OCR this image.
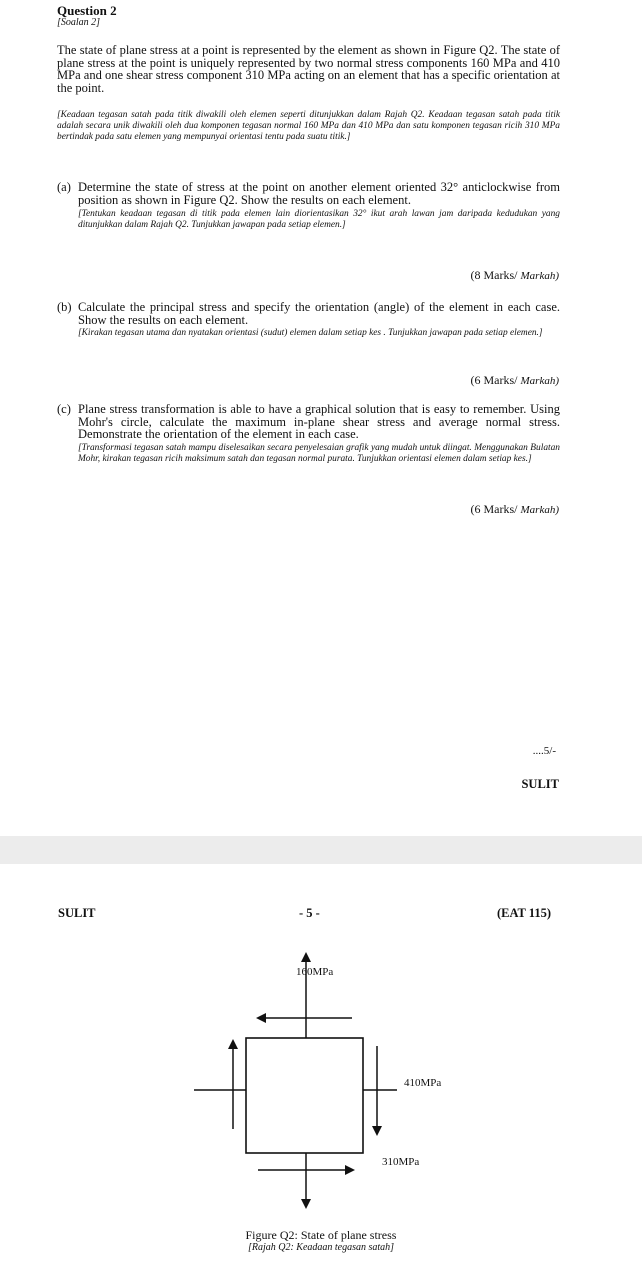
Question 2
[Soalan 2]
The state of plane stress at a point is represented by the element as shown in Figure Q2. The state of plane stress at the point is uniquely represented by two normal stress components 160 MPa and 410 MPa and one shear stress component 310 MPa acting on an element that has a specific orientation at the point.
[Keadaan tegasan satah pada titik diwakili oleh elemen seperti ditunjukkan dalam Rajah Q2. Keadaan tegasan satah pada titik adalah secara unik diwakili oleh dua komponen tegasan normal 160 MPa dan 410 MPa dan satu komponen tegasan ricih 310 MPa bertindak pada satu elemen yang mempunyai orientasi tentu pada suatu titik.]
(a) Determine the state of stress at the point on another element oriented 32° anticlockwise from position as shown in Figure Q2. Show the results on each element.
[Tentukan keadaan tegasan di titik pada elemen lain diorientasikan 32° ikut arah lawan jam daripada kedudukan yang ditunjukkan dalam Rajah Q2. Tunjukkan jawapan pada setiap elemen.]
(8 Marks/ Markah)
(b) Calculate the principal stress and specify the orientation (angle) of the element in each case. Show the results on each element.
[Kirakan tegasan utama dan nyatakan orientasi (sudut) elemen dalam setiap kes . Tunjukkan jawapan pada setiap elemen.]
(6 Marks/ Markah)
(c) Plane stress transformation is able to have a graphical solution that is easy to remember. Using Mohr's circle, calculate the maximum in-plane shear stress and average normal stress. Demonstrate the orientation of the element in each case.
[Transformasi tegasan satah mampu diselesaikan secara penyelesaian grafik yang mudah untuk diingat. Menggunakan Bulatan Mohr, kirakan tegasan ricih maksimum satah dan tegasan normal purata. Tunjukkan orientasi elemen dalam setiap kes.]
(6 Marks/ Markah)
....5/-
SULIT
SULIT	- 5 -	(EAT 115)
160MPa
410MPa
310MPa
Figure Q2: State of plane stress
[Rajah Q2: Keadaan tegasan satah]
